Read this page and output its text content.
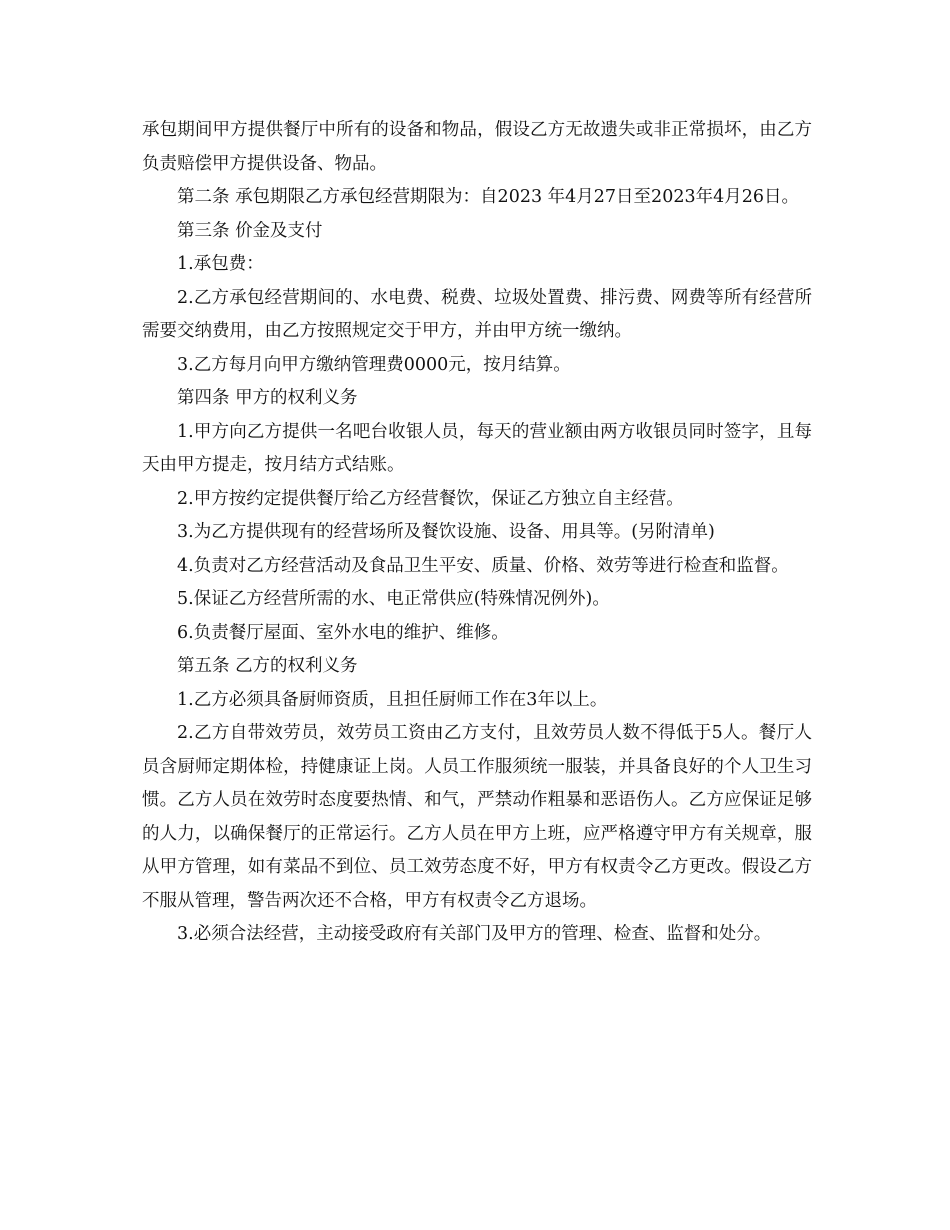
承包期间甲方提供餐厅中所有的设备和物品，假设乙方无故遗失或非正常损坏，由乙方负责赔偿甲方提供设备、物品。

第二条 承包期限乙方承包经营期限为：自2023 年4月27日至2023年4月26日。

第三条 价金及支付

1.承包费：

2.乙方承包经营期间的、水电费、税费、垃圾处置费、排污费、网费等所有经营所需要交纳费用，由乙方按照规定交于甲方，并由甲方统一缴纳。

3.乙方每月向甲方缴纳管理费0000元，按月结算。

第四条 甲方的权利义务

1.甲方向乙方提供一名吧台收银人员，每天的营业额由两方收银员同时签字，且每天由甲方提走，按月结方式结账。

2.甲方按约定提供餐厅给乙方经营餐饮，保证乙方独立自主经营。

3.为乙方提供现有的经营场所及餐饮设施、设备、用具等。(另附清单)

4.负责对乙方经营活动及食品卫生平安、质量、价格、效劳等进行检查和监督。

5.保证乙方经营所需的水、电正常供应(特殊情况例外)。

6.负责餐厅屋面、室外水电的维护、维修。

第五条 乙方的权利义务

1.乙方必须具备厨师资质，且担任厨师工作在3年以上。

2.乙方自带效劳员，效劳员工资由乙方支付，且效劳员人数不得低于5人。餐厅人员含厨师定期体检，持健康证上岗。人员工作服须统一服装，并具备良好的个人卫生习惯。乙方人员在效劳时态度要热情、和气，严禁动作粗暴和恶语伤人。乙方应保证足够的人力，以确保餐厅的正常运行。乙方人员在甲方上班，应严格遵守甲方有关规章，服从甲方管理，如有菜品不到位、员工效劳态度不好，甲方有权责令乙方更改。假设乙方不服从管理，警告两次还不合格，甲方有权责令乙方退场。

3.必须合法经营，主动接受政府有关部门及甲方的管理、检查、监督和处分。
